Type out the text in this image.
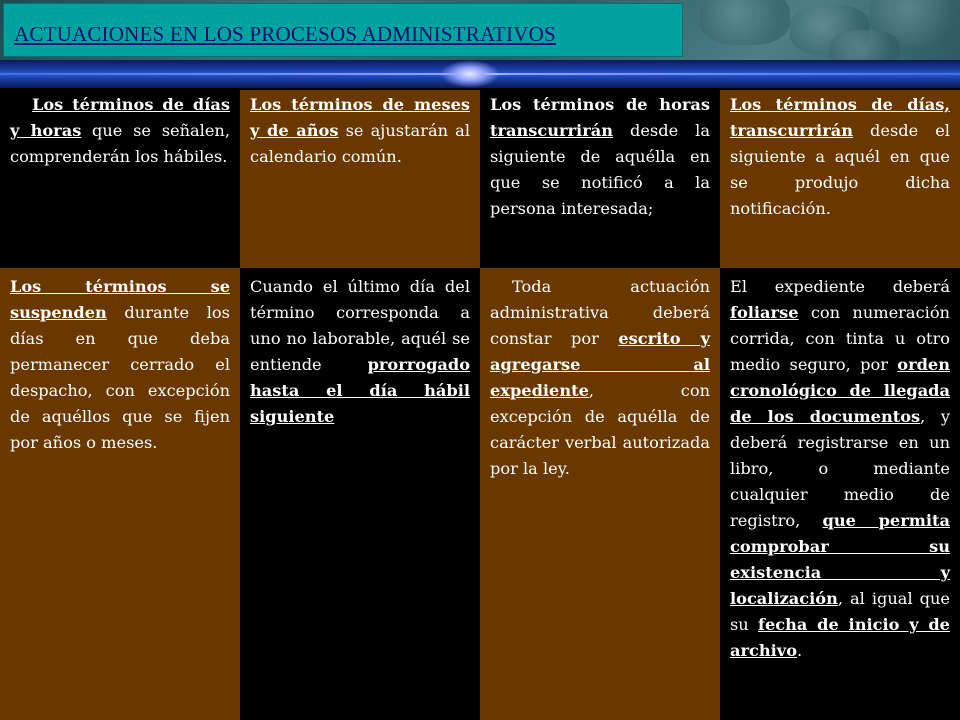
ACTUACIONES EN LOS PROCESOS ADMINISTRATIVOS
Los términos de días y horas que se señalen, comprenderán los hábiles.
Los términos de meses y de años se ajustarán al calendario común.
Los términos de horas transcurrirán desde la siguiente de aquélla en que se notificó a la persona interesada;
Los términos de días, transcurrirán desde el siguiente a aquél en que se produjo dicha notificación.
Los términos se suspenden durante los días en que deba permanecer cerrado el despacho, con excepción de aquéllos que se fijen por años o meses.
Cuando el último día del término corresponda a uno no laborable, aquél se entiende prorrogado hasta el día hábil siguiente
Toda actuación administrativa deberá constar por escrito y agregarse al expediente, con excepción de aquélla de carácter verbal autorizada por la ley.
El expediente deberá foliarse con numeración corrida, con tinta u otro medio seguro, por orden cronológico de llegada de los documentos, y deberá registrarse en un libro, o mediante cualquier medio de registro, que permita comprobar su existencia y localización, al igual que su fecha de inicio y de archivo.
